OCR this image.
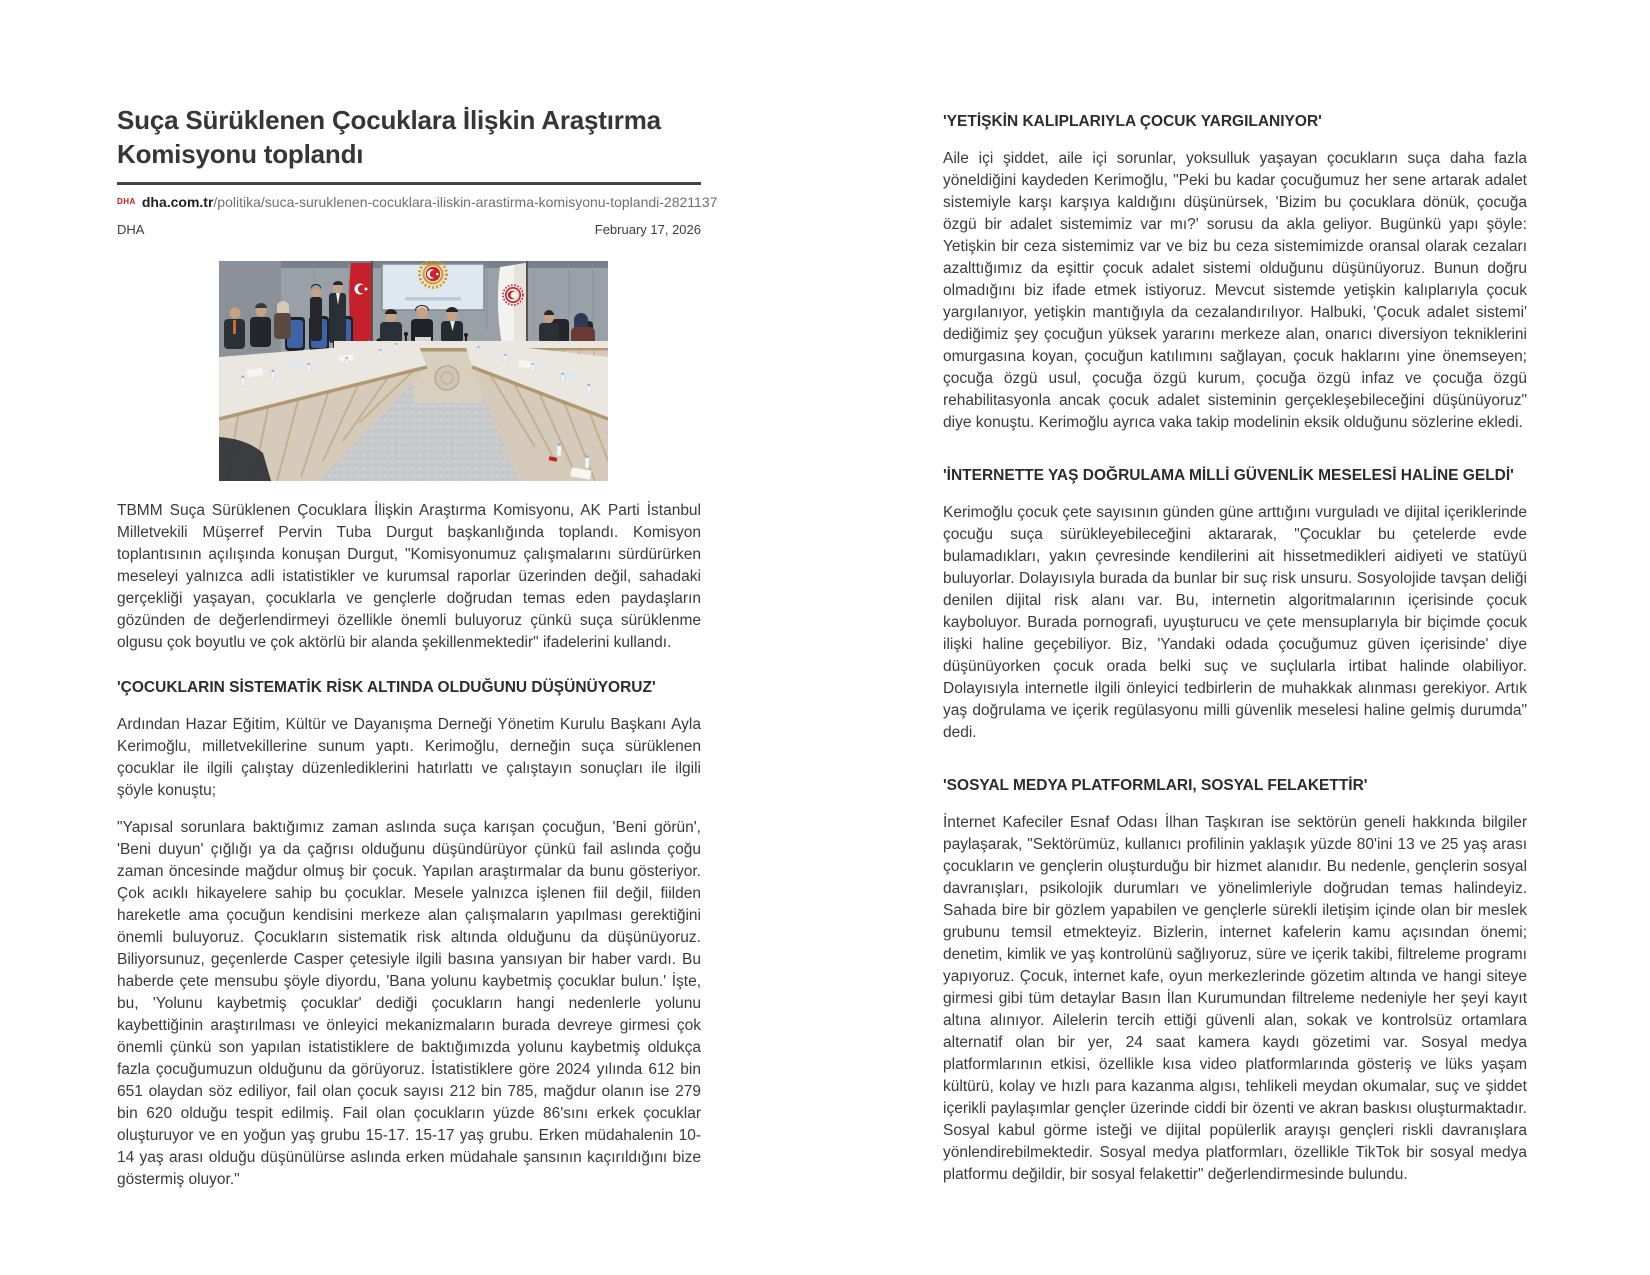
Suça Sürüklenen Çocuklara İlişkin Araştırma Komisyonu toplandı
DHA dha.com.tr/politika/suca-suruklenen-cocuklara-iliskin-arastirma-komisyonu-toplandi-2821137
DHA	February 17, 2026

TBMM Suça Sürüklenen Çocuklara İlişkin Araştırma Komisyonu, AK Parti İstanbul Milletvekili Müşerref Pervin Tuba Durgut başkanlığında toplandı. Komisyon toplantısının açılışında konuşan Durgut, "Komisyonumuz çalışmalarını sürdürürken meseleyi yalnızca adli istatistikler ve kurumsal raporlar üzerinden değil, sahadaki gerçekliği yaşayan, çocuklarla ve gençlerle doğrudan temas eden paydaşların gözünden de değerlendirmeyi özellikle önemli buluyoruz çünkü suça sürüklenme olgusu çok boyutlu ve çok aktörlü bir alanda şekillenmektedir" ifadelerini kullandı.

'ÇOCUKLARIN SİSTEMATİK RİSK ALTINDA OLDUĞUNU DÜŞÜNÜYORUZ'

Ardından Hazar Eğitim, Kültür ve Dayanışma Derneği Yönetim Kurulu Başkanı Ayla Kerimoğlu, milletvekillerine sunum yaptı. Kerimoğlu, derneğin suça sürüklenen çocuklar ile ilgili çalıştay düzenlediklerini hatırlattı ve çalıştayın sonuçları ile ilgili şöyle konuştu;

"Yapısal sorunlara baktığımız zaman aslında suça karışan çocuğun, 'Beni görün', 'Beni duyun' çığlığı ya da çağrısı olduğunu düşündürüyor çünkü fail aslında çoğu zaman öncesinde mağdur olmuş bir çocuk. Yapılan araştırmalar da bunu gösteriyor. Çok acıklı hikayelere sahip bu çocuklar. Mesele yalnızca işlenen fiil değil, fiilden hareketle ama çocuğun kendisini merkeze alan çalışmaların yapılması gerektiğini önemli buluyoruz. Çocukların sistematik risk altında olduğunu da düşünüyoruz. Biliyorsunuz, geçenlerde Casper çetesiyle ilgili basına yansıyan bir haber vardı. Bu haberde çete mensubu şöyle diyordu, 'Bana yolunu kaybetmiş çocuklar bulun.' İşte, bu, 'Yolunu kaybetmiş çocuklar' dediği çocukların hangi nedenlerle yolunu kaybettiğinin araştırılması ve önleyici mekanizmaların burada devreye girmesi çok önemli çünkü son yapılan istatistiklere de baktığımızda yolunu kaybetmiş oldukça fazla çocuğumuzun olduğunu da görüyoruz. İstatistiklere göre 2024 yılında 612 bin 651 olaydan söz ediliyor, fail olan çocuk sayısı 212 bin 785, mağdur olanın ise 279 bin 620 olduğu tespit edilmiş. Fail olan çocukların yüzde 86'sını erkek çocuklar oluşturuyor ve en yoğun yaş grubu 15-17. 15-17 yaş grubu. Erken müdahalenin 10-14 yaş arası olduğu düşünülürse aslında erken müdahale şansının kaçırıldığını bize göstermiş oluyor."

'YETİŞKİN KALIPLARIYLA ÇOCUK YARGILANIYOR'

Aile içi şiddet, aile içi sorunlar, yoksulluk yaşayan çocukların suça daha fazla yöneldiğini kaydeden Kerimoğlu, "Peki bu kadar çocuğumuz her sene artarak adalet sistemiyle karşı karşıya kaldığını düşünürsek, 'Bizim bu çocuklara dönük, çocuğa özgü bir adalet sistemimiz var mı?' sorusu da akla geliyor. Bugünkü yapı şöyle: Yetişkin bir ceza sistemimiz var ve biz bu ceza sistemimizde oransal olarak cezaları azalttığımız da eşittir çocuk adalet sistemi olduğunu düşünüyoruz. Bunun doğru olmadığını biz ifade etmek istiyoruz. Mevcut sistemde yetişkin kalıplarıyla çocuk yargılanıyor, yetişkin mantığıyla da cezalandırılıyor. Halbuki, 'Çocuk adalet sistemi' dediğimiz şey çocuğun yüksek yararını merkeze alan, onarıcı diversiyon tekniklerini omurgasına koyan, çocuğun katılımını sağlayan, çocuk haklarını yine önemseyen; çocuğa özgü usul, çocuğa özgü kurum, çocuğa özgü infaz ve çocuğa özgü rehabilitasyonla ancak çocuk adalet sisteminin gerçekleşebileceğini düşünüyoruz" diye konuştu. Kerimoğlu ayrıca vaka takip modelinin eksik olduğunu sözlerine ekledi.

'İNTERNETTE YAŞ DOĞRULAMA MİLLİ GÜVENLİK MESELESİ HALİNE GELDİ'

Kerimoğlu çocuk çete sayısının günden güne arttığını vurguladı ve dijital içeriklerinde çocuğu suça sürükleyebileceğini aktararak, "Çocuklar bu çetelerde evde bulamadıkları, yakın çevresinde kendilerini ait hissetmedikleri aidiyeti ve statüyü buluyorlar. Dolayısıyla burada da bunlar bir suç risk unsuru. Sosyolojide tavşan deliği denilen dijital risk alanı var. Bu, internetin algoritmalarının içerisinde çocuk kayboluyor. Burada pornografi, uyuşturucu ve çete mensuplarıyla bir biçimde çocuk ilişki haline geçebiliyor. Biz, 'Yandaki odada çocuğumuz güven içerisinde' diye düşünüyorken çocuk orada belki suç ve suçlularla irtibat halinde olabiliyor. Dolayısıyla internetle ilgili önleyici tedbirlerin de muhakkak alınması gerekiyor. Artık yaş doğrulama ve içerik regülasyonu milli güvenlik meselesi haline gelmiş durumda" dedi.

'SOSYAL MEDYA PLATFORMLARI, SOSYAL FELAKETTİR'

İnternet Kafeciler Esnaf Odası İlhan Taşkıran ise sektörün geneli hakkında bilgiler paylaşarak, "Sektörümüz, kullanıcı profilinin yaklaşık yüzde 80'ini 13 ve 25 yaş arası çocukların ve gençlerin oluşturduğu bir hizmet alanıdır. Bu nedenle, gençlerin sosyal davranışları, psikolojik durumları ve yönelimleriyle doğrudan temas halindeyiz. Sahada bire bir gözlem yapabilen ve gençlerle sürekli iletişim içinde olan bir meslek grubunu temsil etmekteyiz. Bizlerin, internet kafelerin kamu açısından önemi; denetim, kimlik ve yaş kontrolünü sağlıyoruz, süre ve içerik takibi, filtreleme programı yapıyoruz. Çocuk, internet kafe, oyun merkezlerinde gözetim altında ve hangi siteye girmesi gibi tüm detaylar Basın İlan Kurumundan filtreleme nedeniyle her şeyi kayıt altına alınıyor. Ailelerin tercih ettiği güvenli alan, sokak ve kontrolsüz ortamlara alternatif olan bir yer, 24 saat kamera kaydı gözetimi var. Sosyal medya platformlarının etkisi, özellikle kısa video platformlarında gösteriş ve lüks yaşam kültürü, kolay ve hızlı para kazanma algısı, tehlikeli meydan okumalar, suç ve şiddet içerikli paylaşımlar gençler üzerinde ciddi bir özenti ve akran baskısı oluşturmaktadır. Sosyal kabul görme isteği ve dijital popülerlik arayışı gençleri riskli davranışlara yönlendirebilmektedir. Sosyal medya platformları, özellikle TikTok bir sosyal medya platformu değildir, bir sosyal felakettir" değerlendirmesinde bulundu.
